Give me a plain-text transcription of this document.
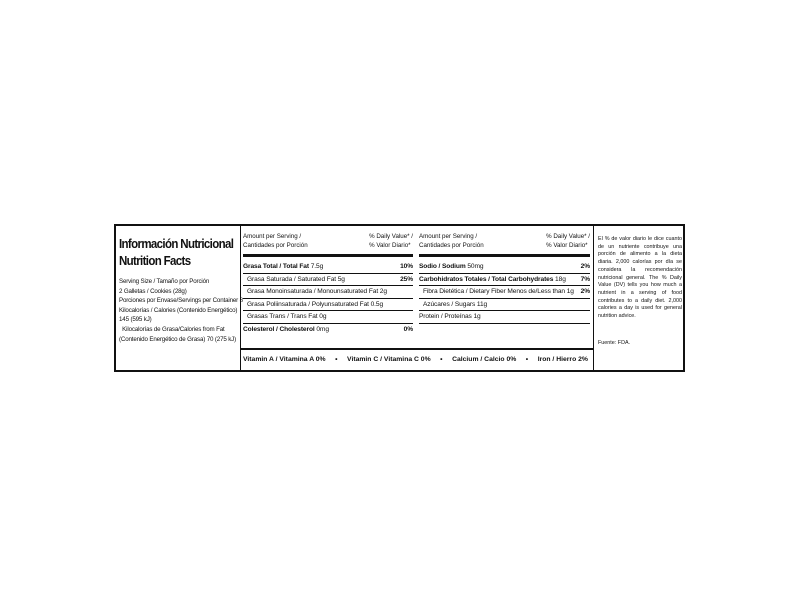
Información Nutricional
Nutrition Facts
Serving Size / Tamaño por Porción
2 Galletas / Cookies (28g)
Porciones por Envase/Servings per Container 8
Kilocalorías / Calories (Contenido Energético)
145 (595 kJ)
Kilocalorías de Grasa/Calories from Fat
(Contenido Energético de Grasa) 70 (275 kJ)
Amount per Serving /
Cantidades por Porción
% Daily Value* /
% Valor Diario*
Grasa Total / Total Fat 7.5g	10%
Grasa Saturada / Saturated Fat 5g	25%
Grasa Monoinsaturada / Monounsaturated Fat 2g
Grasa Poliinsaturada / Polyunsaturated Fat 0.5g
Grasas Trans / Trans Fat 0g
Colesterol / Cholesterol 0mg	0%
Amount per Serving /
Cantidades por Porción
% Daily Value* /
% Valor Diario*
Sodio / Sodium 50mg	2%
Carbohidratos Totales / Total Carbohydrates 18g 7%
Fibra Dietética / Dietary Fiber Menos de/Less than 1g 2%
Azúcares / Sugars 11g
Protein / Proteínas 1g
Vitamin A / Vitamina A 0% • Vitamin C / Vitamina C 0% • Calcium / Calcio 0% • Iron / Hierro 2%
El % de valor diario le dice cuanto de un nutriente contribuye una porción de alimento a la dieta diaria. 2,000 calorías por día se considera la recomendación nutricional general. The % Daily Value (DV) tells you how much a nutrient in a serving of food contributes to a daily diet. 2,000 calories a day is used for general nutrition advice.
Fuente: FDA.
